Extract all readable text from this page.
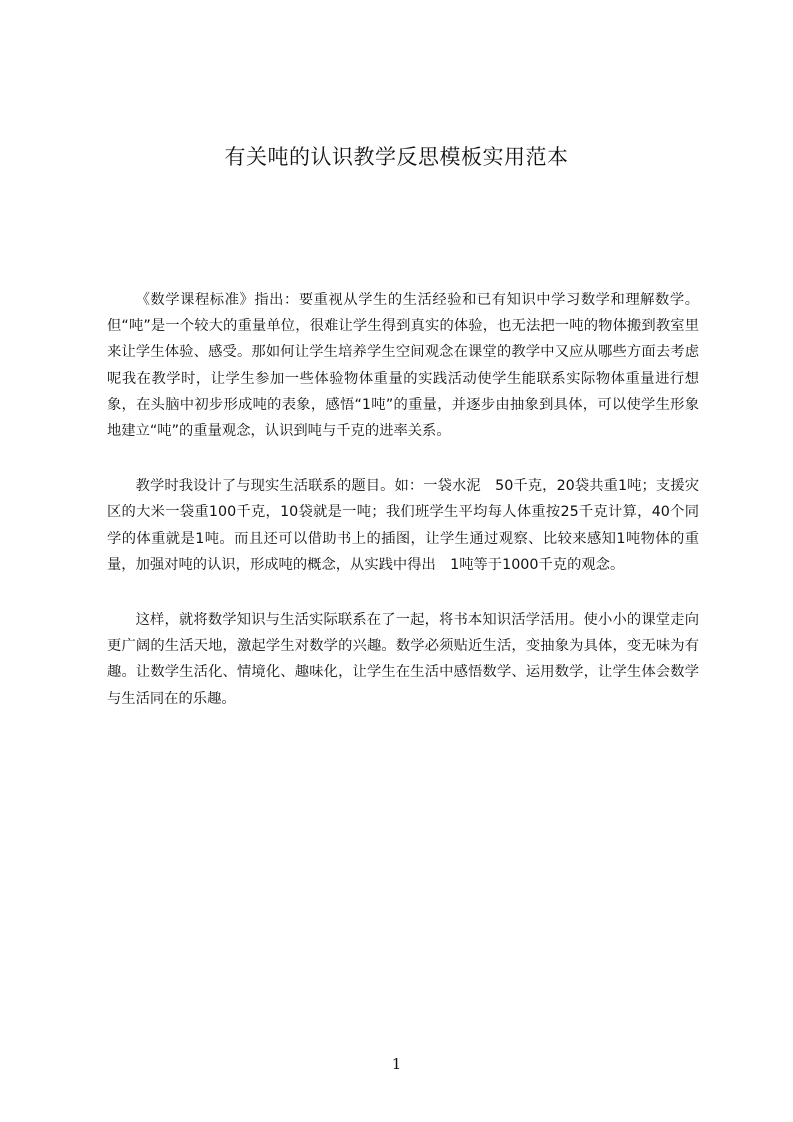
有关吨的认识教学反思模板实用范本

《数学课程标准》指出：要重视从学生的生活经验和已有知识中学习数学和理解数学。但“吨”是一个较大的重量单位，很难让学生得到真实的体验，也无法把一吨的物体搬到教室里来让学生体验、感受。那如何让学生培养学生空间观念在课堂的教学中又应从哪些方面去考虑呢我在教学时，让学生参加一些体验物体重量的实践活动使学生能联系实际物体重量进行想象，在头脑中初步形成吨的表象，感悟“1吨”的重量，并逐步由抽象到具体，可以使学生形象地建立“吨”的重量观念，认识到吨与千克的进率关系。

教学时我设计了与现实生活联系的题目。如：一袋水泥　50千克，20袋共重1吨；支援灾区的大米一袋重100千克，10袋就是一吨；我们班学生平均每人体重按25千克计算，40个同学的体重就是1吨。而且还可以借助书上的插图，让学生通过观察、比较来感知1吨物体的重量，加强对吨的认识，形成吨的概念，从实践中得出　1吨等于1000千克的观念。

这样，就将数学知识与生活实际联系在了一起，将书本知识活学活用。使小小的课堂走向更广阔的生活天地，激起学生对数学的兴趣。数学必须贴近生活，变抽象为具体，变无味为有趣。让数学生活化、情境化、趣味化，让学生在生活中感悟数学、运用数学，让学生体会数学与生活同在的乐趣。

1
